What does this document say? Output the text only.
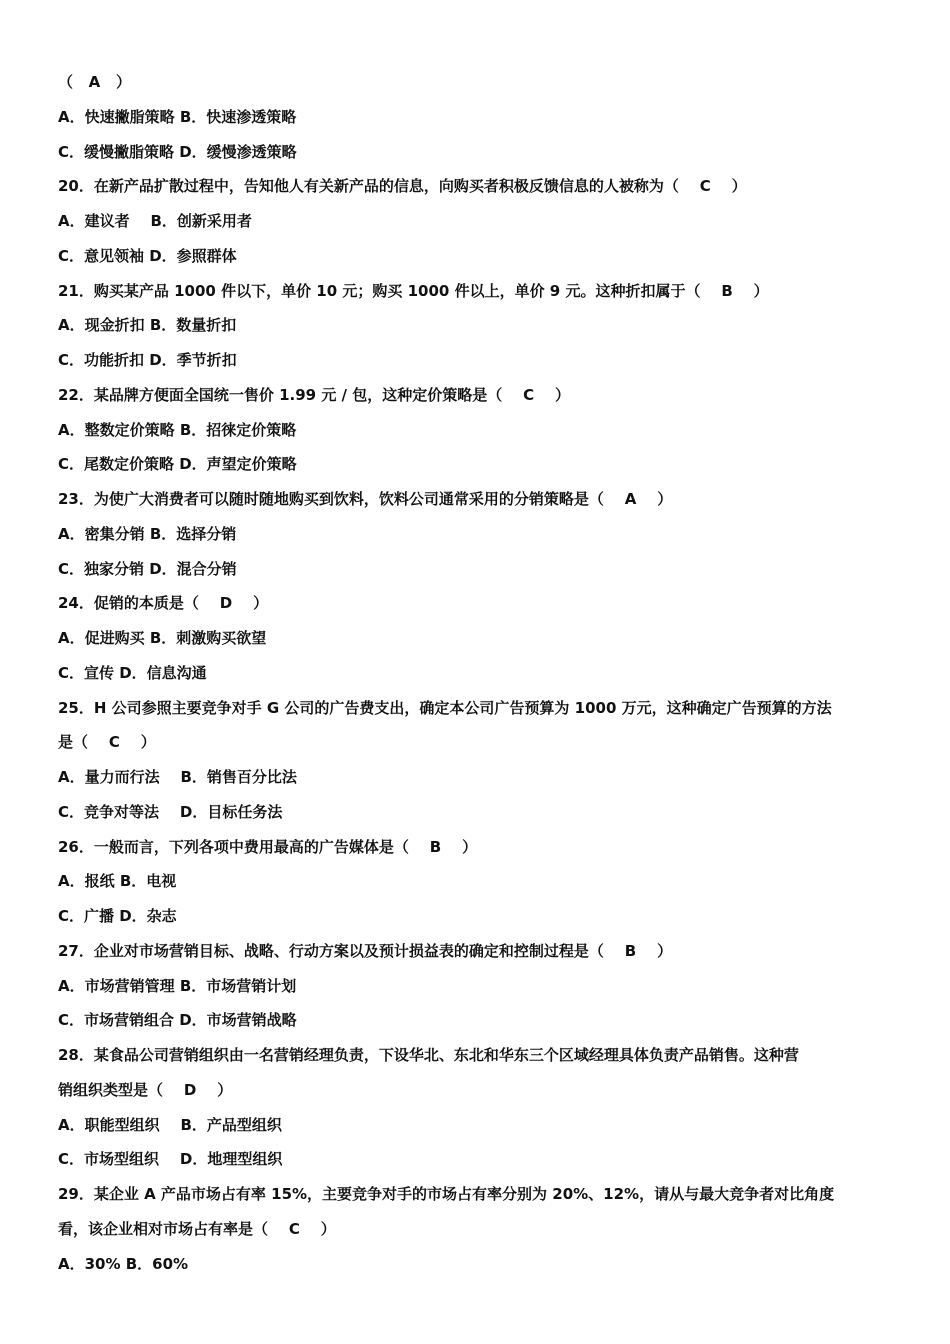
（   A   ）
A．快速撇脂策略 B．快速渗透策略
C．缓慢撇脂策略 D．缓慢渗透策略
20．在新产品扩散过程中，告知他人有关新产品的信息，向购买者积极反馈信息的人被称为（    C    ）
A．建议者    B．创新采用者
C．意见领袖 D．参照群体
21．购买某产品 1000 件以下，单价 10 元；购买 1000 件以上，单价 9 元。这种折扣属于（    B    ）
A．现金折扣 B．数量折扣
C．功能折扣 D．季节折扣
22．某品牌方便面全国统一售价 1.99 元 / 包，这种定价策略是（    C    ）
A．整数定价策略 B．招徕定价策略
C．尾数定价策略 D．声望定价策略
23．为使广大消费者可以随时随地购买到饮料，饮料公司通常采用的分销策略是（    A    ）
A．密集分销 B．选择分销
C．独家分销 D．混合分销
24．促销的本质是（    D    ）
A．促进购买 B．刺激购买欲望
C．宣传 D．信息沟通
25．H 公司参照主要竞争对手 G 公司的广告费支出，确定本公司广告预算为 1000 万元，这种确定广告预算的方法
是（    C    ）
A．量力而行法    B．销售百分比法
C．竞争对等法    D．目标任务法
26．一般而言，下列各项中费用最高的广告媒体是（    B    ）
A．报纸 B．电视
C．广播 D．杂志
27．企业对市场营销目标、战略、行动方案以及预计损益表的确定和控制过程是（    B    ）
A．市场营销管理 B．市场营销计划
C．市场营销组合 D．市场营销战略
28．某食品公司营销组织由一名营销经理负责，下设华北、东北和华东三个区域经理具体负责产品销售。这种营
销组织类型是（    D    ）
A．职能型组织    B．产品型组织
C．市场型组织    D．地理型组织
29．某企业 A 产品市场占有率 15%，主要竞争对手的市场占有率分别为 20%、12%，请从与最大竞争者对比角度
看，该企业相对市场占有率是（    C    ）
A．30% B．60%
